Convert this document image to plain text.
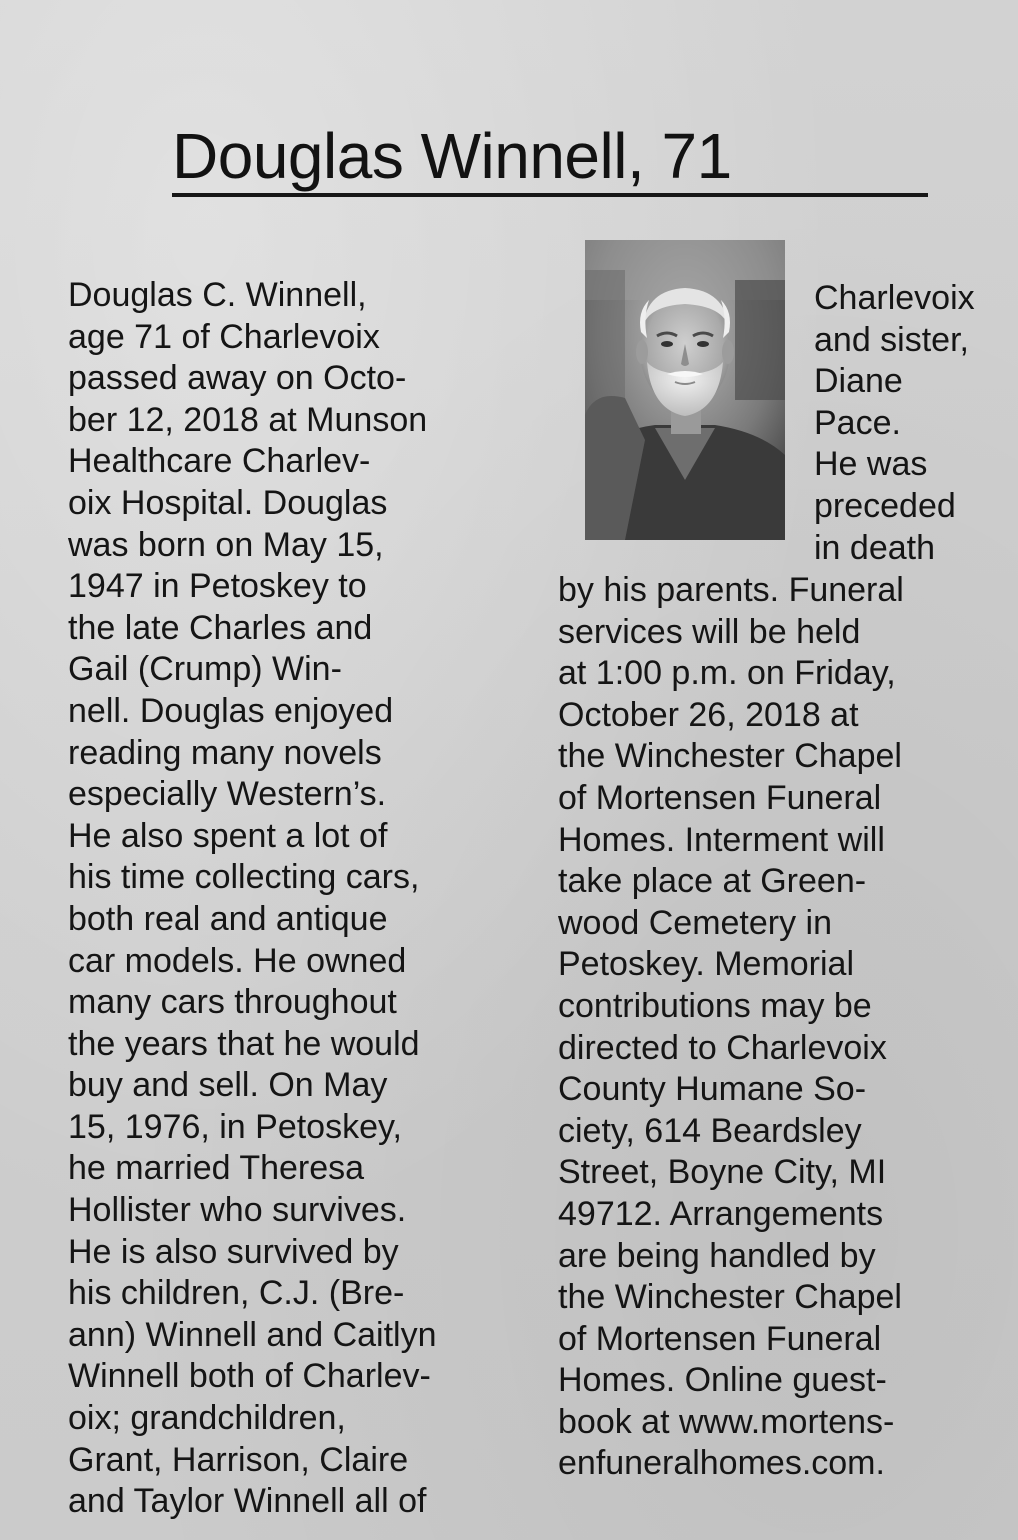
Douglas Winnell, 71
Douglas C. Winnell,
age 71 of Charlevoix
passed away on Octo-
ber 12, 2018 at Munson
Healthcare Charlev-
oix Hospital. Douglas
was born on May 15,
1947 in Petoskey to
the late Charles and
Gail (Crump) Win-
nell. Douglas enjoyed
reading many novels
especially Western’s.
He also spent a lot of
his time collecting cars,
both real and antique
car models. He owned
many cars throughout
the years that he would
buy and sell. On May
15, 1976, in Petoskey,
he married Theresa
Hollister who survives.
He is also survived by
his children, C.J. (Bre-
ann) Winnell and Caitlyn
Winnell both of Charlev-
oix; grandchildren,
Grant, Harrison, Claire
and Taylor Winnell all of
Charlevoix
and sister,
Diane
Pace.
He was
preceded
in death
by his parents. Funeral
services will be held
at 1:00 p.m. on Friday,
October 26, 2018 at
the Winchester Chapel
of Mortensen Funeral
Homes. Interment will
take place at Green-
wood Cemetery in
Petoskey. Memorial
contributions may be
directed to Charlevoix
County Humane So-
ciety, 614 Beardsley
Street, Boyne City, MI
49712. Arrangements
are being handled by
the Winchester Chapel
of Mortensen Funeral
Homes. Online guest-
book at www.mortens-
enfuneralhomes.com.
